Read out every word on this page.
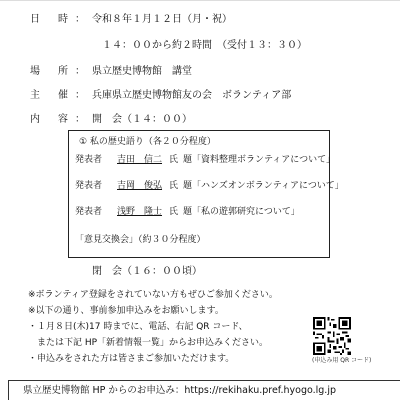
日　時 ： 令和８年１月１２日（月・祝）
１４：００から約２時間　（受付１３：３０）
場　所 ： 県立歴史博物館　講堂
主　催 ： 兵庫県立歴史博物館友の会　ボランティア部
内　容 ： 開　会（１４：００）
① 私の歴史語り（各２０分程度）
発表者 吉田　信二 氏 題「資料整理ボランティアについて」
発表者 吉岡　俊弘 氏 題「ハンズオンボランティアについて」
発表者 浅野　隆士 氏 題「私の遊郭研究について」
「意見交換会」（約３０分程度）
閉　会（１６：００頃）
※ボランティア登録をされていない方もぜひご参加ください。
※以下の通り、事前参加申込みをお願いします。
・１月８日(木)17 時までに、電話、右記 QR コード、
　または下記 HP「新着情報一覧」からお申込みください。
・申込みをされた方は皆さまご参加いただけます。	(申込み用 QR コード)
県立歴史博物館 HP からのお申込み：https://rekihaku.pref.hyogo.lg.jp
